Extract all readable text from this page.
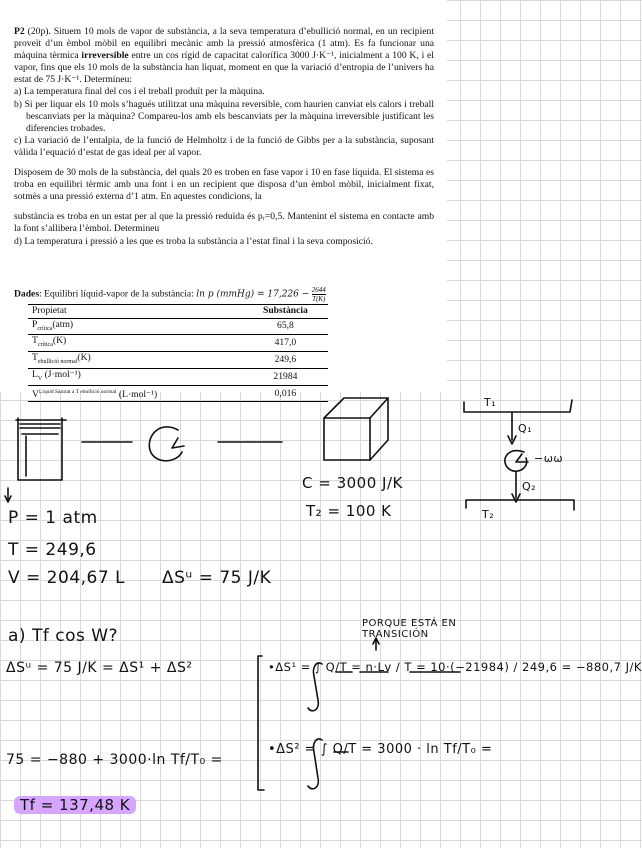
P2 (20p). Situem 10 mols de vapor de substància, a la seva temperatura d’ebullició normal, en un recipient proveït d’un èmbol mòbil en equilibri mecànic amb la pressió atmosfèrica (1 atm). Es fa funcionar una màquina tèrmica irreversible entre un cos rígid de capacitat calorífica 3000 J·K⁻¹, inicialment a 100 K, i el vapor, fins que els 10 mols de la substància han liquat, moment en que la variació d’entropia de l’univers ha estat de 75 J·K⁻¹. Determineu:

a) La temperatura final del cos i el treball produït per la màquina.

b) Si per liquar els 10 mols s’hagués utilitzat una màquina reversible, com haurien canviat els calors i treball bescanviats per la màquina? Compareu-los amb els bescanviats per la màquina irreversible justificant les diferencies trobades.

c) La variació de l’entalpia, de la funció de Helmholtz i de la funció de Gibbs per a la substància, suposant vàlida l’equació d’estat de gas ideal per al vapor.

Disposem de 30 mols de la substància, del quals 20 es troben en fase vapor i 10 en fase líquida. El sistema es troba en equilibri tèrmic amb una font i en un recipient que disposa d’un èmbol mòbil, inicialment fixat, sotmès a una pressió externa d’1 atm. En aquestes condicions, la

substància es troba en un estat per al que la pressió reduïda és pᵣ=0,5. Mantenint el sistema en contacte amb la font s’allibera l’èmbol. Determineu

d) La temperatura i pressió a les que es troba la substància a l’estat final i la seva composició.

Dades: Equilibri líquid-vapor de la substància: ln p (mmHg) = $17,226 - \frac{2644}{T(K)}$
Propietat	Substància
$P_{crítica}(atm)$	65,8
$T_{crítica}(K)$	417,0
$T_{ebullició normal}(K)$	249,6
$L_V$ (J·mol⁻¹)	21984
$V^{Líquid Saturat a T ebullició normal}$ (L·mol⁻¹)	0,016
T₁
Q₁
−ωω
Q₂
T₂
C = 3000 J/K
T₂ = 100 K
P = 1 atm
T = 249,6
V = 204,67 L ΔSᵘ = 75 J/K
a) Tf cos W?
PORQUE ESTÁ EN TRANSICIÓN
ΔSᵘ = 75 J/K = ΔS¹ + ΔS²	•ΔS¹ = ∫ Q/T = n·Lv / T = 10·(−21984) / 249,6 = −880,7 J/K
•ΔS² = ∫ Q/T = 3000 · ln Tf/T₀ =
75 = −880 + 3000·ln Tf/T₀ =
Tf = 137,48 K
